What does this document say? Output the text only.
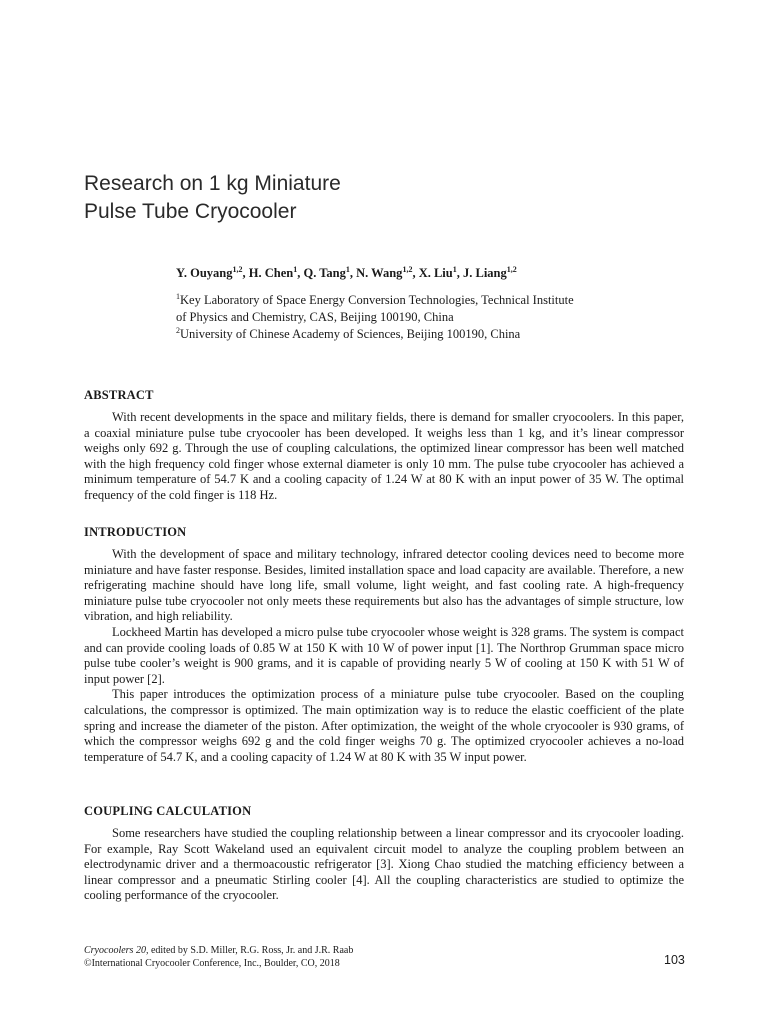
Research on 1 kg Miniature
Pulse Tube Cryocooler
Y. Ouyang$^{1,2}$, H. Chen$^1$, Q. Tang$^1$, N. Wang$^{1,2}$, X. Liu$^1$, J. Liang$^{1,2}$
$^1$Key Laboratory of Space Energy Conversion Technologies, Technical Institute
of Physics and Chemistry, CAS, Beijing 100190, China
$^2$University of Chinese Academy of Sciences, Beijing 100190, China
ABSTRACT

With recent developments in the space and military fields, there is demand for smaller cryocoolers. In this paper, a coaxial miniature pulse tube cryocooler has been developed. It weighs less than 1 kg, and it’s linear compressor weighs only 692 g. Through the use of coupling calculations, the optimized linear compressor has been well matched with the high frequency cold finger whose external diameter is only 10 mm. The pulse tube cryocooler has achieved a minimum temperature of 54.7 K and a cooling capacity of 1.24 W at 80 K with an input power of 35 W. The optimal frequency of the cold finger is 118 Hz.

INTRODUCTION

With the development of space and military technology, infrared detector cooling devices need to become more miniature and have faster response. Besides, limited installation space and load capacity are available. Therefore, a new refrigerating machine should have long life, small volume, light weight, and fast cooling rate. A high-frequency miniature pulse tube cryocooler not only meets these requirements but also has the advantages of simple structure, low vibration, and high reliability.

Lockheed Martin has developed a micro pulse tube cryocooler whose weight is 328 grams. The system is compact and can provide cooling loads of 0.85 W at 150 K with 10 W of power input [1]. The Northrop Grumman space micro pulse tube cooler’s weight is 900 grams, and it is capable of providing nearly 5 W of cooling at 150 K with 51 W of input power [2].

This paper introduces the optimization process of a miniature pulse tube cryocooler. Based on the coupling calculations, the compressor is optimized. The main optimization way is to reduce the elastic coefficient of the plate spring and increase the diameter of the piston. After optimization, the weight of the whole cryocooler is 930 grams, of which the compressor weighs 692 g and the cold finger weighs 70 g. The optimized cryocooler achieves a no-load temperature of 54.7 K, and a cooling capacity of 1.24 W at 80 K with 35 W input power.

COUPLING CALCULATION

Some researchers have studied the coupling relationship between a linear compressor and its cryocooler loading. For example, Ray Scott Wakeland used an equivalent circuit model to analyze the coupling problem between an electrodynamic driver and a thermoacoustic refrigerator [3]. Xiong Chao studied the matching efficiency between a linear compressor and a pneumatic Stirling cooler [4]. All the coupling characteristics are studied to optimize the cooling performance of the cryocooler.

Cryocoolers 20, edited by S.D. Miller, R.G. Ross, Jr. and J.R. Raab
©International Cryocooler Conference, Inc., Boulder, CO, 2018	103
